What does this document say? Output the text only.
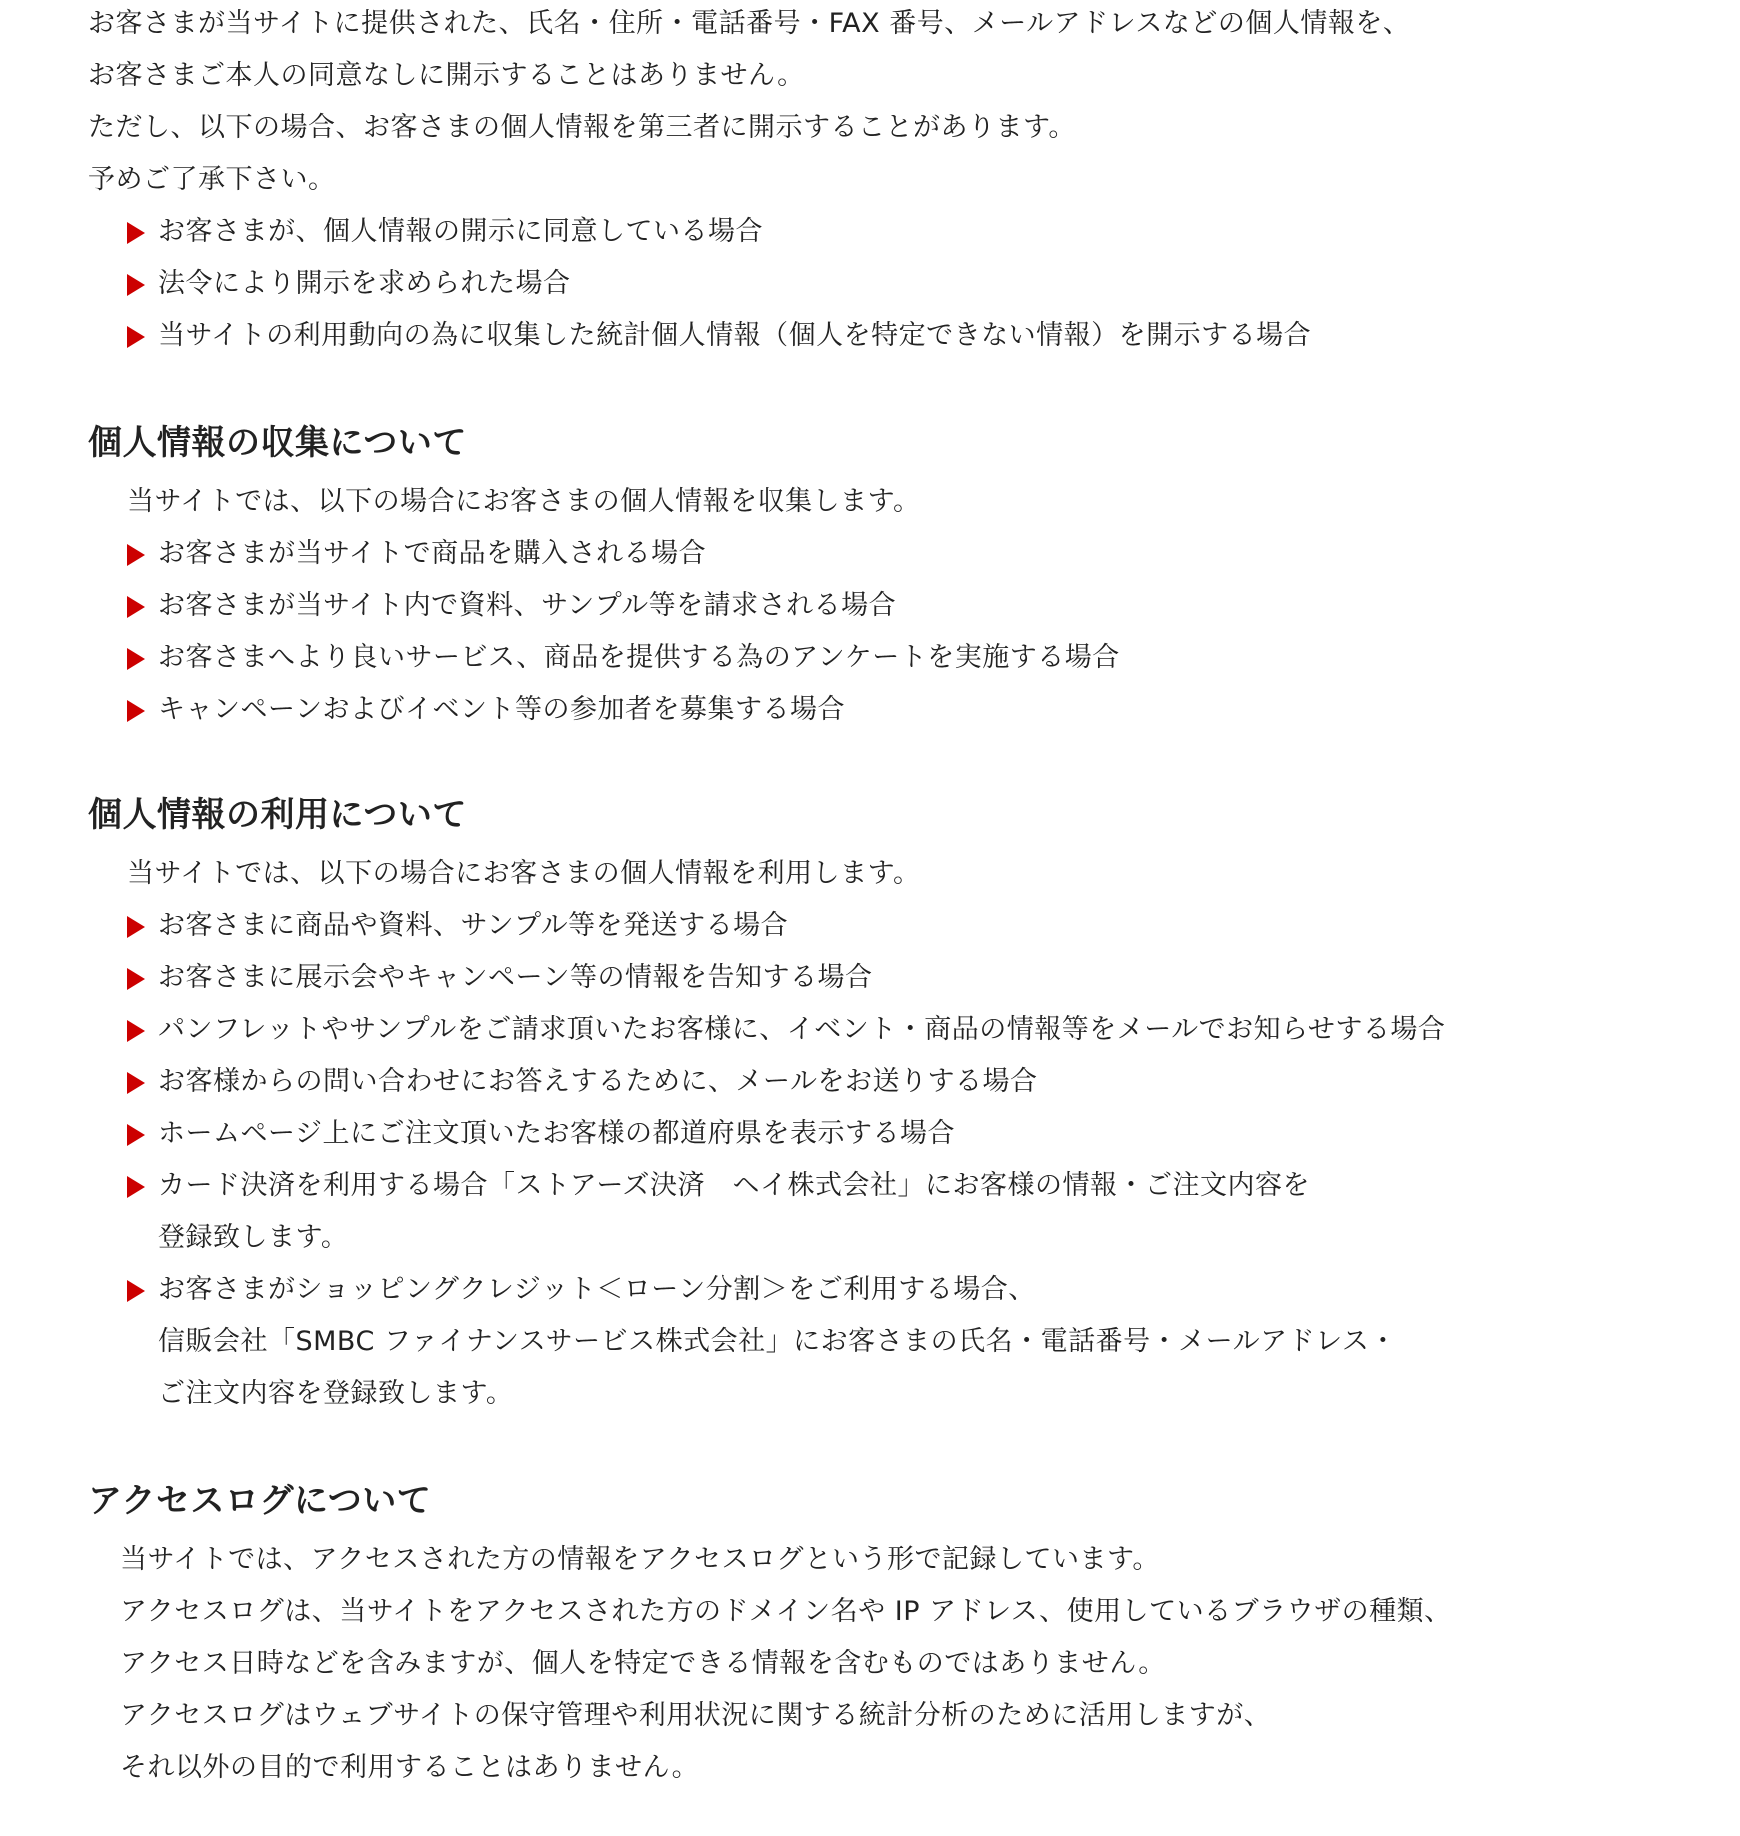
お客さまが当サイトに提供された、氏名・住所・電話番号・FAX 番号、メールアドレスなどの個人情報を、
お客さまご本人の同意なしに開示することはありません。
ただし、以下の場合、お客さまの個人情報を第三者に開示することがあります。
予めご了承下さい。
お客さまが、個人情報の開示に同意している場合
法令により開示を求められた場合
当サイトの利用動向の為に収集した統計個人情報（個人を特定できない情報）を開示する場合
個人情報の収集について
当サイトでは、以下の場合にお客さまの個人情報を収集します。
お客さまが当サイトで商品を購入される場合
お客さまが当サイト内で資料、サンプル等を請求される場合
お客さまへより良いサービス、商品を提供する為のアンケートを実施する場合
キャンペーンおよびイベント等の参加者を募集する場合
個人情報の利用について
当サイトでは、以下の場合にお客さまの個人情報を利用します。
お客さまに商品や資料、サンプル等を発送する場合
お客さまに展示会やキャンペーン等の情報を告知する場合
パンフレットやサンプルをご請求頂いたお客様に、イベント・商品の情報等をメールでお知らせする場合
お客様からの問い合わせにお答えするために、メールをお送りする場合
ホームページ上にご注文頂いたお客様の都道府県を表示する場合
カード決済を利用する場合「ストアーズ決済　ヘイ株式会社」にお客様の情報・ご注文内容を
登録致します。
お客さまがショッピングクレジット＜ローン分割＞をご利用する場合、
信販会社「SMBC ファイナンスサービス株式会社」にお客さまの氏名・電話番号・メールアドレス・
ご注文内容を登録致します。
アクセスログについて
当サイトでは、アクセスされた方の情報をアクセスログという形で記録しています。
アクセスログは、当サイトをアクセスされた方のドメイン名や IP アドレス、使用しているブラウザの種類、
アクセス日時などを含みますが、個人を特定できる情報を含むものではありません。
アクセスログはウェブサイトの保守管理や利用状況に関する統計分析のために活用しますが、
それ以外の目的で利用することはありません。
